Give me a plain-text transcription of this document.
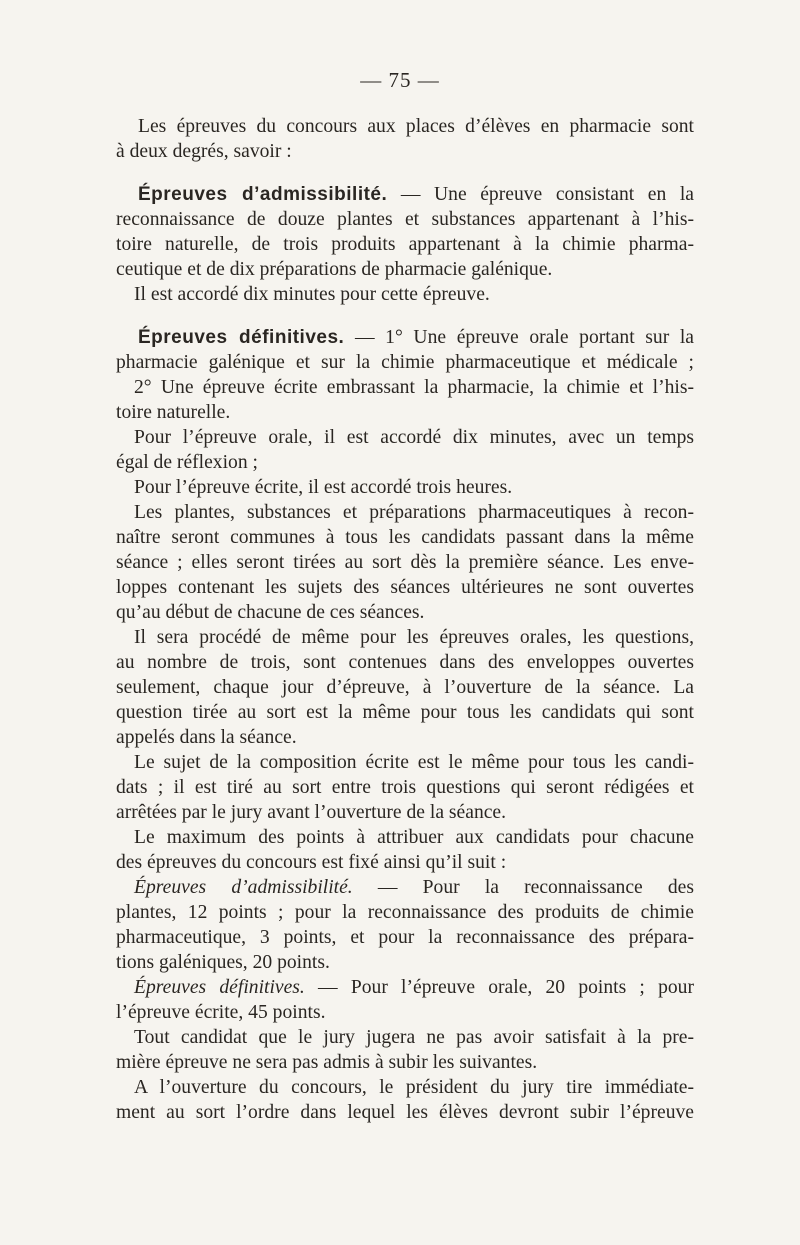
— 75 —
Les épreuves du concours aux places d’élèves en pharmacie sont
à deux degrés, savoir :
Épreuves d’admissibilité. — Une épreuve consistant en la
reconnaissance de douze plantes et substances appartenant à l’his-
toire naturelle, de trois produits appartenant à la chimie pharma-
ceutique et de dix préparations de pharmacie galénique.
Il est accordé dix minutes pour cette épreuve.
Épreuves définitives. — 1° Une épreuve orale portant sur la
pharmacie galénique et sur la chimie pharmaceutique et médicale ;
2° Une épreuve écrite embrassant la pharmacie, la chimie et l’his-
toire naturelle.
Pour l’épreuve orale, il est accordé dix minutes, avec un temps
égal de réflexion ;
Pour l’épreuve écrite, il est accordé trois heures.
Les plantes, substances et préparations pharmaceutiques à recon-
naître seront communes à tous les candidats passant dans la même
séance ; elles seront tirées au sort dès la première séance. Les enve-
loppes contenant les sujets des séances ultérieures ne sont ouvertes
qu’au début de chacune de ces séances.
Il sera procédé de même pour les épreuves orales, les questions,
au nombre de trois, sont contenues dans des enveloppes ouvertes
seulement, chaque jour d’épreuve, à l’ouverture de la séance. La
question tirée au sort est la même pour tous les candidats qui sont
appelés dans la séance.
Le sujet de la composition écrite est le même pour tous les candi-
dats ; il est tiré au sort entre trois questions qui seront rédigées et
arrêtées par le jury avant l’ouverture de la séance.
Le maximum des points à attribuer aux candidats pour chacune
des épreuves du concours est fixé ainsi qu’il suit :
Épreuves d’admissibilité. — Pour la reconnaissance des
plantes, 12 points ; pour la reconnaissance des produits de chimie
pharmaceutique, 3 points, et pour la reconnaissance des prépara-
tions galéniques, 20 points.
Épreuves définitives. — Pour l’épreuve orale, 20 points ; pour
l’épreuve écrite, 45 points.
Tout candidat que le jury jugera ne pas avoir satisfait à la pre-
mière épreuve ne sera pas admis à subir les suivantes.
A l’ouverture du concours, le président du jury tire immédiate-
ment au sort l’ordre dans lequel les élèves devront subir l’épreuve
